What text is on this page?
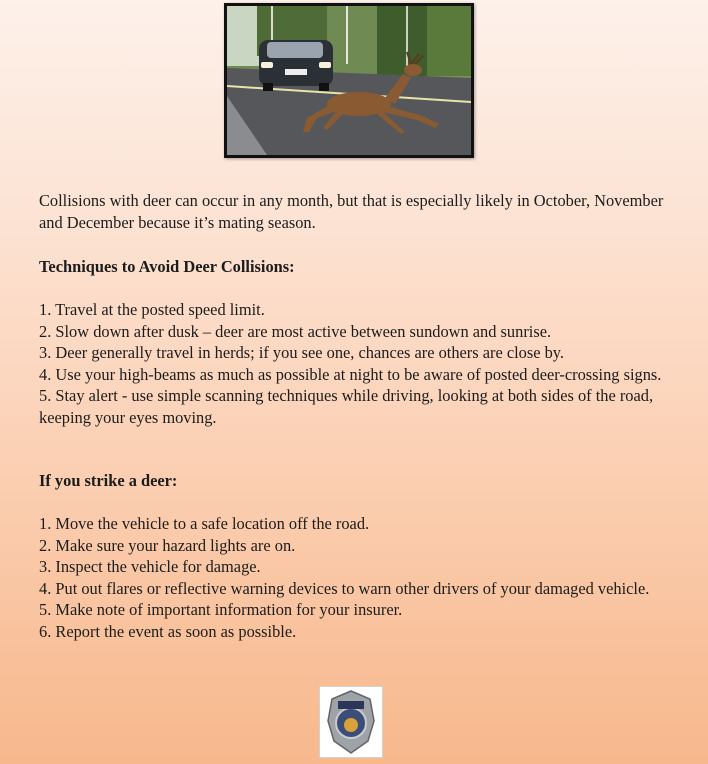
Collisions with deer can occur in any month, but that is especially likely in October, November and December because it’s mating season.

Techniques to Avoid Deer Collisions:

1. Travel at the posted speed limit.

2. Slow down after dusk – deer are most active between sundown and sunrise.

3. Deer generally travel in herds; if you see one, chances are others are close by.

4. Use your high-beams as much as possible at night to be aware of posted deer-crossing signs.

5. Stay alert - use simple scanning techniques while driving, looking at both sides of the road, keeping your eyes moving.

If you strike a deer:

1. Move the vehicle to a safe location off the road.

2. Make sure your hazard lights are on.

3. Inspect the vehicle for damage.

4. Put out flares or reflective warning devices to warn other drivers of your damaged vehicle.

5. Make note of important information for your insurer.

6. Report the event as soon as possible.
